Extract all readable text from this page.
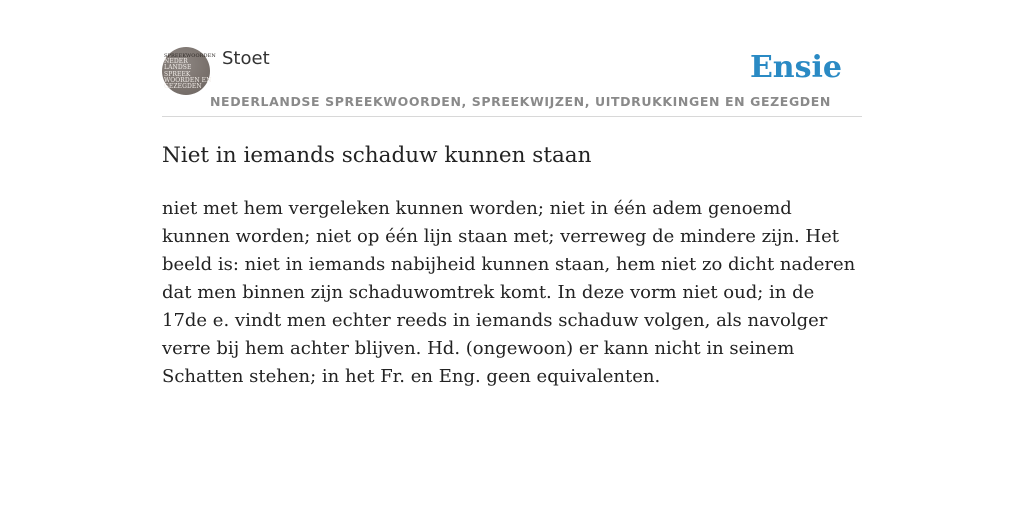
SPREEKWOORDEN
NEDER
LANDSE
SPREEK
WOORDEN EN
GEZEGDEN
Stoet
NEDERLANDSE SPREEKWOORDEN, SPREEKWIJZEN, UITDRUKKINGEN EN GEZEGDEN
Ensie
Niet in iemands schaduw kunnen staan

niet met hem vergeleken kunnen worden; niet in één adem genoemd kunnen worden; niet op één lijn staan met; verreweg de mindere zijn. Het beeld is: niet in iemands nabijheid kunnen staan, hem niet zo dicht naderen dat men binnen zijn schaduwomtrek komt. In deze vorm niet oud; in de 17de e. vindt men echter reeds in iemands schaduw volgen, als navolger verre bij hem achter blijven. Hd. (ongewoon) er kann nicht in seinem Schatten stehen; in het Fr. en Eng. geen equivalenten.
